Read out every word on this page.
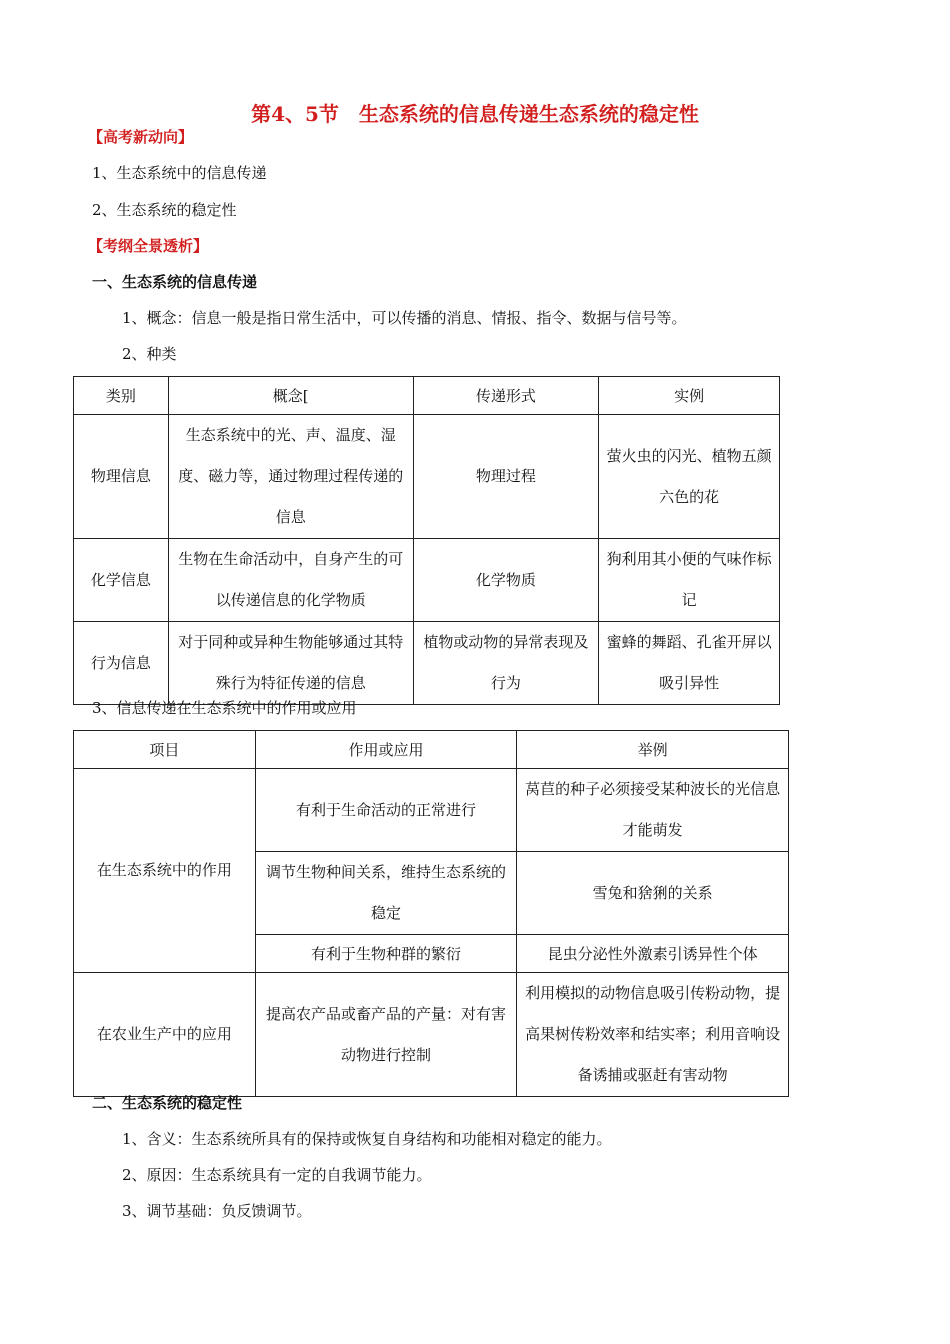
第4、5节　生态系统的信息传递生态系统的稳定性
【高考新动向】
1、生态系统中的信息传递
2、生态系统的稳定性
【考纲全景透析】
一、生态系统的信息传递
1、概念：信息一般是指日常生活中，可以传播的消息、情报、指令、数据与信号等。
2、种类
类别	概念[	传递形式	实例
物理信息	生态系统中的光、声、温度、湿度、磁力等，通过物理过程传递的信息	物理过程	萤火虫的闪光、植物五颜六色的花
化学信息	生物在生命活动中，自身产生的可以传递信息的化学物质	化学物质	狗利用其小便的气味作标记
行为信息	对于同种或异种生物能够通过其特殊行为特征传递的信息	植物或动物的异常表现及行为	蜜蜂的舞蹈、孔雀开屏以吸引异性
3、信息传递在生态系统中的作用或应用
项目	作用或应用	举例
在生态系统中的作用	有利于生命活动的正常进行	莴苣的种子必须接受某种波长的光信息才能萌发
	调节生物种间关系，维持生态系统的稳定	雪兔和猞猁的关系
	有利于生物种群的繁衍	昆虫分泌性外激素引诱异性个体
在农业生产中的应用	提高农产品或畜产品的产量：对有害动物进行控制	利用模拟的动物信息吸引传粉动物，提高果树传粉效率和结实率；利用音响设备诱捕或驱赶有害动物
二、生态系统的稳定性
1、含义：生态系统所具有的保持或恢复自身结构和功能相对稳定的能力。
2、原因：生态系统具有一定的自我调节能力。
3、调节基础：负反馈调节。
